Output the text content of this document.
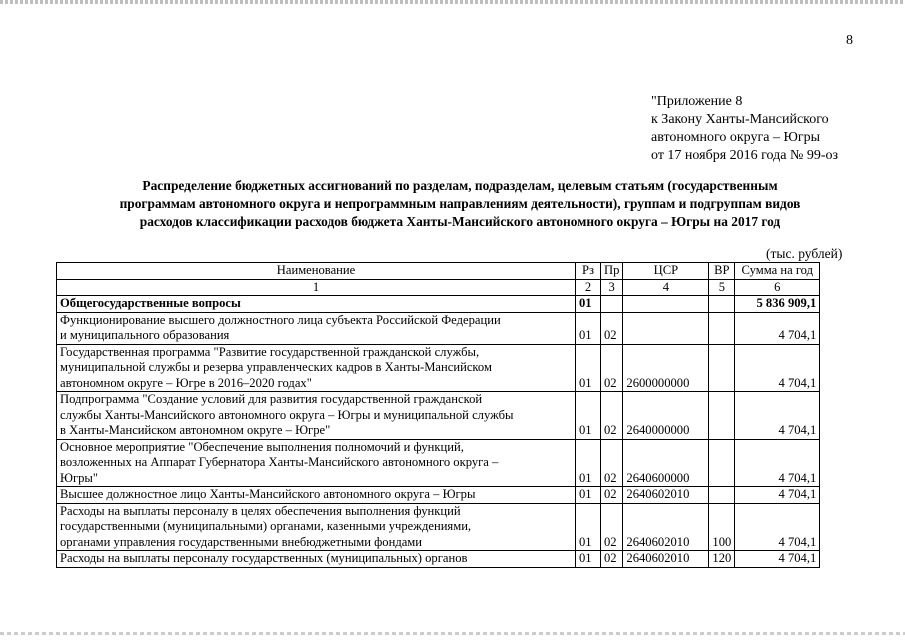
8
"Приложение 8
к Закону Ханты-Мансийского
автономного округа – Югры
от 17 ноября 2016 года № 99-оз
Распределение бюджетных ассигнований по разделам, подразделам, целевым статьям (государственным
программам автономного округа и непрограммным направлениям деятельности), группам и подгруппам видов
расходов классификации расходов бюджета Ханты-Мансийского автономного округа – Югры на 2017 год
(тыс. рублей)
Наименование	Рз	Пр	ЦСР	ВР	Сумма на год
1	2	3	4	5	6

Общегосударственные вопросы	01				5 836 909,1

Функционирование высшего должностного лица субъекта Российской Федерации
и муниципального образования	01	02			4 704,1

Государственная программа "Развитие государственной гражданской службы,
муниципальной службы и резерва управленческих кадров в Ханты-Мансийском
автономном округе – Югре в 2016–2020 годах"	01	02	2600000000		4 704,1

Подпрограмма "Создание условий для развития государственной гражданской
службы Ханты-Мансийского автономного округа – Югры и муниципальной службы
в Ханты-Мансийском автономном округе – Югре"	01	02	2640000000		4 704,1

Основное мероприятие "Обеспечение выполнения полномочий и функций,
возложенных на Аппарат Губернатора Ханты-Мансийского автономного округа –
Югры"	01	02	2640600000		4 704,1

Высшее должностное лицо Ханты-Мансийского автономного округа – Югры	01	02	2640602010		4 704,1

Расходы на выплаты персоналу в целях обеспечения выполнения функций
государственными (муниципальными) органами, казенными учреждениями,
органами управления государственными внебюджетными фондами	01	02	2640602010	100	4 704,1

Расходы на выплаты персоналу государственных (муниципальных) органов	01	02	2640602010	120	4 704,1
